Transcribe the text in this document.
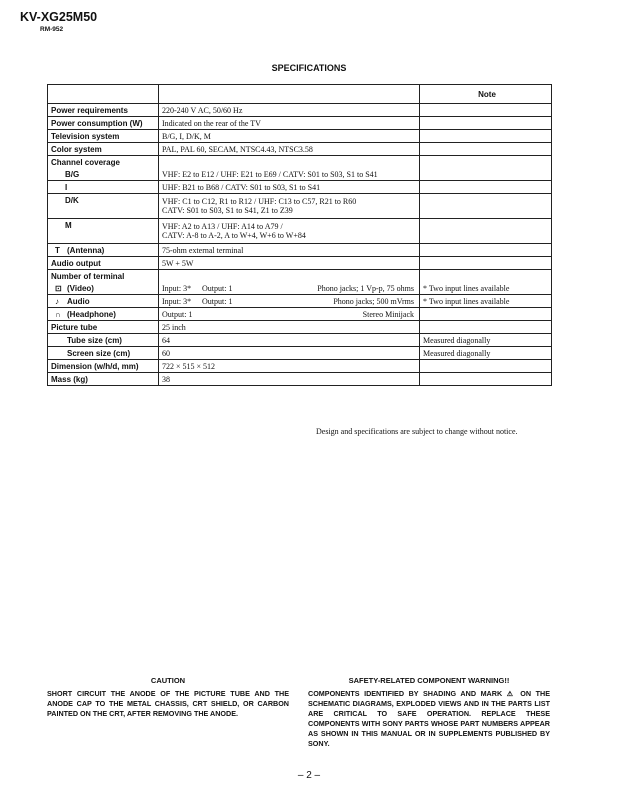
KV-XG25M50
RM-952
SPECIFICATIONS
		Note
Power requirements	220-240 V AC, 50/60 Hz	
Power consumption (W)	Indicated on the rear of the TV	
Television system	B/G, I, D/K, M	
Color system	PAL, PAL 60, SECAM, NTSC4.43, NTSC3.58	
Channel coverage		
B/G	VHF: E2 to E12 / UHF: E21 to E69 / CATV: S01 to S03, S1 to S41	
I	UHF: B21 to B68 / CATV: S01 to S03, S1 to S41	
D/K	VHF: C1 to C12, R1 to R12 / UHF: C13 to C57, R21 to R60
CATV: S01 to S03, S1 to S41, Z1 to Z39	

M	VHF: A2 to A13 / UHF: A14 to A79 /
CATV: A-8 to A-2, A to W+4, W+6 to W+84	

T (Antenna)	75-ohm external terminal	
Audio output	5W + 5W	
Number of terminal		
⊡ (Video)	Input: 3* Output: 1 Phono jacks; 1 Vp-p, 75 ohms	* Two input lines available
♪ Audio	Input: 3* Output: 1 Phono jacks; 500 mVrms	* Two input lines available
∩ (Headphone)	Output: 1 Stereo Minijack	

Picture tube	25 inch	
Tube size (cm)	64	Measured diagonally
Screen size (cm)	60	Measured diagonally
Dimension (w/h/d, mm)	722 × 515 × 512	
Mass (kg)	38	
Design and specifications are subject to change without notice.
CAUTION
SHORT CIRCUIT THE ANODE OF THE PICTURE TUBE AND THE ANODE CAP TO THE METAL CHASSIS, CRT SHIELD, OR CARBON PAINTED ON THE CRT, AFTER REMOVING THE ANODE.
SAFETY-RELATED COMPONENT WARNING!!
COMPONENTS IDENTIFIED BY SHADING AND MARK ⚠ ON THE SCHEMATIC DIAGRAMS, EXPLODED VIEWS AND IN THE PARTS LIST ARE CRITICAL TO SAFE OPERATION. REPLACE THESE COMPONENTS WITH SONY PARTS WHOSE PART NUMBERS APPEAR AS SHOWN IN THIS MANUAL OR IN SUPPLEMENTS PUBLISHED BY SONY.
– 2 –
